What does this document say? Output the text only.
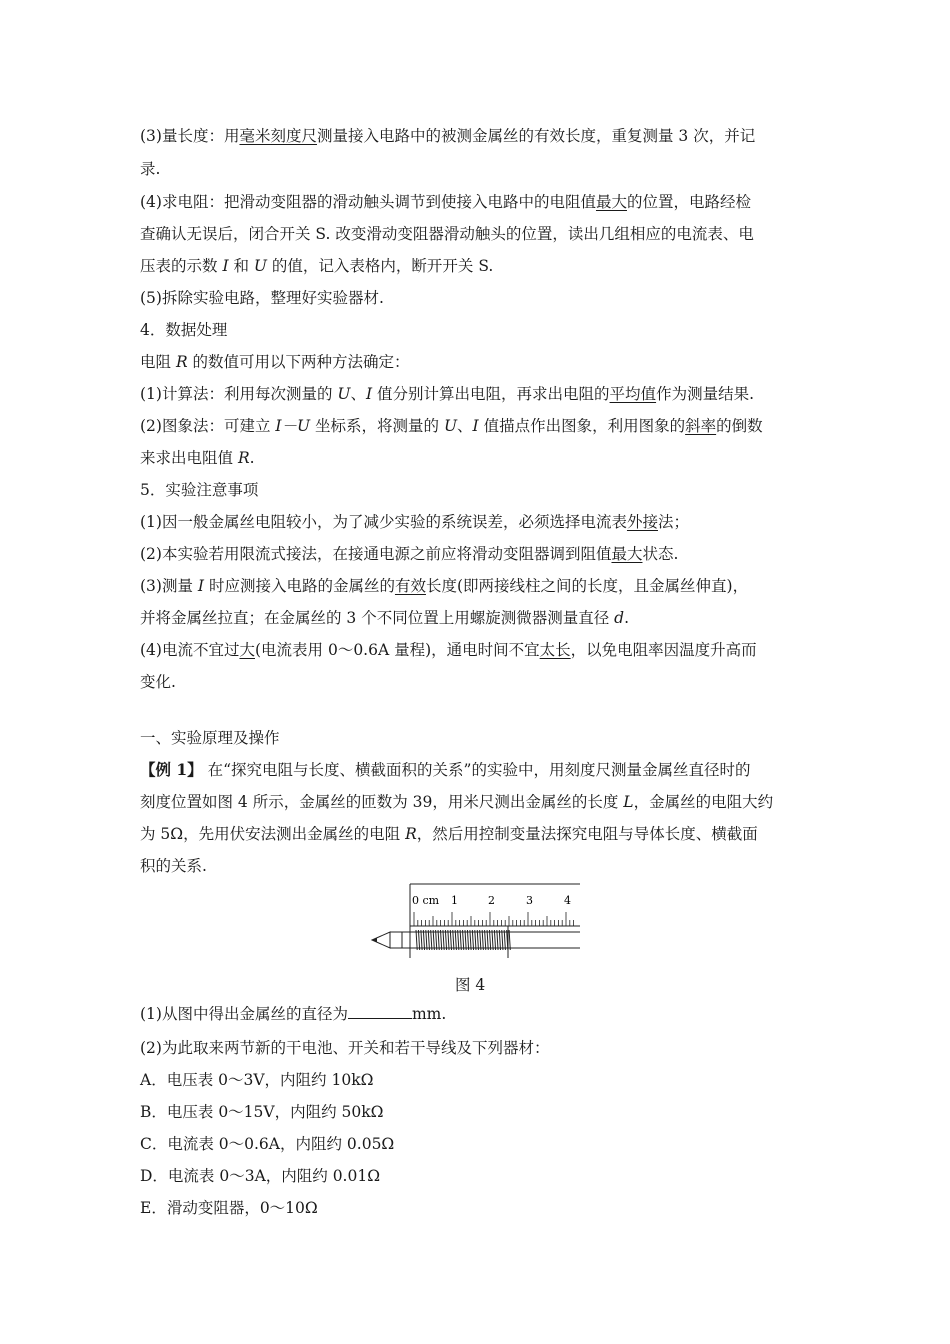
(3)量长度：用毫米刻度尺测量接入电路中的被测金属丝的有效长度，重复测量 3 次，并记
录.
(4)求电阻：把滑动变阻器的滑动触头调节到使接入电路中的电阻值最大的位置，电路经检
查确认无误后，闭合开关 S. 改变滑动变阻器滑动触头的位置，读出几组相应的电流表、电
压表的示数 I 和 U 的值，记入表格内，断开开关 S.
(5)拆除实验电路，整理好实验器材.
4．数据处理
电阻 R 的数值可用以下两种方法确定：
(1)计算法：利用每次测量的 U、I 值分别计算出电阻，再求出电阻的平均值作为测量结果.
(2)图象法：可建立 I－U 坐标系，将测量的 U、I 值描点作出图象，利用图象的斜率的倒数
来求出电阻值 R.
5．实验注意事项
(1)因一般金属丝电阻较小，为了减少实验的系统误差，必须选择电流表外接法；
(2)本实验若用限流式接法，在接通电源之前应将滑动变阻器调到阻值最大状态.
(3)测量 I 时应测接入电路的金属丝的有效长度(即两接线柱之间的长度，且金属丝伸直)，
并将金属丝拉直；在金属丝的 3 个不同位置上用螺旋测微器测量直径 d.
(4)电流不宜过大(电流表用 0～0.6A 量程)，通电时间不宜太长，以免电阻率因温度升高而
变化.
一、实验原理及操作
【例 1】 在“探究电阻与长度、横截面积的关系”的实验中，用刻度尺测量金属丝直径时的
刻度位置如图 4 所示，金属丝的匝数为 39，用米尺测出金属丝的长度 L，金属丝的电阻大约
为 5Ω，先用伏安法测出金属丝的电阻 R，然后用控制变量法探究电阻与导体长度、横截面
积的关系.
0 cm 1	2	3	4
图 4
(1)从图中得出金属丝的直径为	mm.
(2)为此取来两节新的干电池、开关和若干导线及下列器材：
A．电压表 0～3V，内阻约 10kΩ
B．电压表 0～15V，内阻约 50kΩ
C．电流表 0～0.6A，内阻约 0.05Ω
D．电流表 0～3A，内阻约 0.01Ω
E．滑动变阻器，0～10Ω
